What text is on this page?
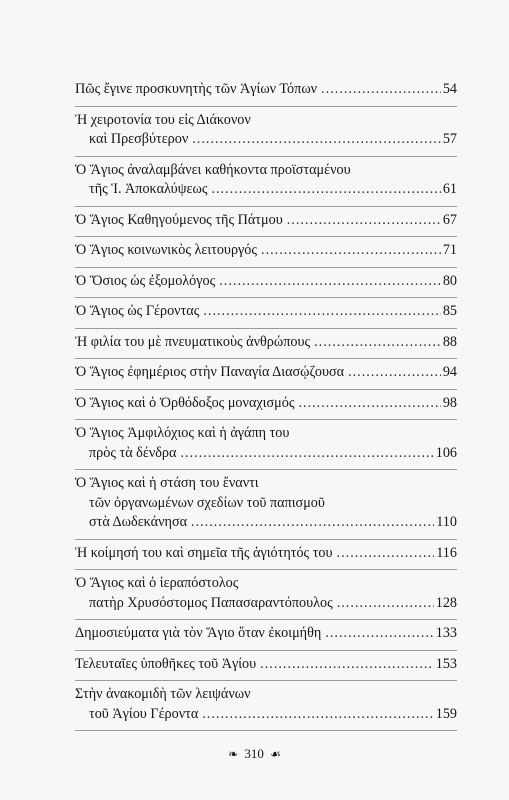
Πῶς ἔγινε προσκυνητὴς τῶν Ἁγίων Τόπων .....	54
Ἡ χειροτονία του εἰς Διάκονον
καὶ Πρεσβύτερον .....	57
Ὁ Ἅγιος ἀναλαμβάνει καθήκοντα προϊσταμένου
τῆς Ἱ. Ἀποκαλύψεως .....	61
Ὁ Ἅγιος Καθηγούμενος τῆς Πάτμου .....	67
Ὁ Ἅγιος κοινωνικὸς λειτουργός .....	71
Ὁ Ὅσιος ὡς ἐξομολόγος .....	80
Ὁ Ἅγιος ὡς Γέροντας .....	85
Ἡ φιλία του μὲ πνευματικοὺς ἀνθρώπους .....	88
Ὁ Ἅγιος ἐφημέριος στὴν Παναγία Διασῴζουσα .....	94
Ὁ Ἅγιος καὶ ὁ Ὀρθόδοξος μοναχισμός .....	98
Ὁ Ἅγιος Ἀμφιλόχιος καὶ ἡ ἀγάπη του
πρὸς τὰ δένδρα .....	106
Ὁ Ἅγιος καὶ ἡ στάση του ἔναντι
τῶν ὀργανωμένων σχεδίων τοῦ παπισμοῦ
στὰ Δωδεκάνησα .....	110
Ἡ κοίμησή του καὶ σημεῖα τῆς ἁγιότητός του .....	116
Ὁ Ἅγιος καὶ ὁ ἱεραπόστολος
πατὴρ Χρυσόστομος Παπασαραντόπουλος .....	128
Δημοσιεύματα γιὰ τὸν Ἅγιο ὅταν ἐκοιμήθη .....	133
Τελευταῖες ὑποθῆκες τοῦ Ἁγίου .....	153
Στὴν ἀνακομιδὴ τῶν λειψάνων
τοῦ Ἁγίου Γέροντα .....	159
❧ 310 ☙
